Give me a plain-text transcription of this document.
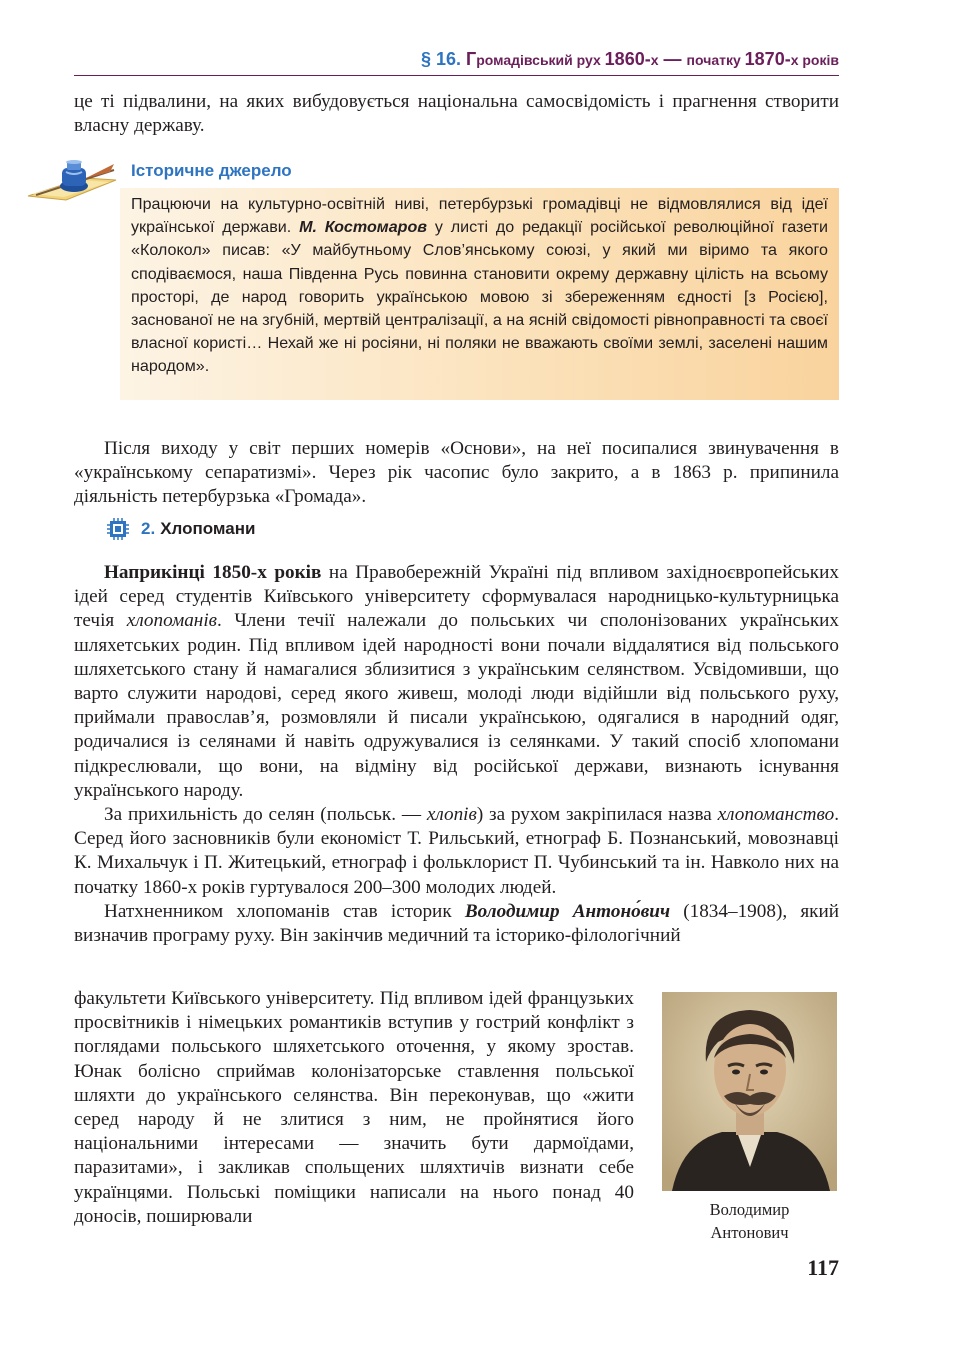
§ 16. Громадівський рух 1860-х — початку 1870-х років

це ті підвалини, на яких вибудовується національна самосвідомість і прагнення створити власну державу.

Історичне джерело

Працюючи на культурно-освітній ниві, петербурзькі громадівці не відмовлялися від ідеї української держави. М. Костомаров у листі до редакції російської революційної газети «Колокол» писав: «У майбутньому Слов’янському союзі, у який ми віримо та якого сподіваємося, наша Південна Русь повинна становити окрему державну цілість на всьому просторі, де народ говорить українською мовою зі збереженням єдності [з Росією], заснованої не на згубній, мертвій централізації, а на ясній свідомості рівноправності та своєї власної користі… Нехай же ні росіяни, ні поляки не вважають своїми землі, заселені нашим народом».

Після виходу у світ перших номерів «Основи», на неї посипалися звинувачення в «українському сепаратизмі». Через рік часопис було закрито, а в 1863 р. припинила діяльність петербурзька «Громада».

2. Хлопомани

Наприкінці 1850-х років на Правобережній Україні під впливом західноєвропейських ідей серед студентів Київського університету сформувалася народницько-культурницька течія хлопоманів. Члени течії належали до польських чи сполонізованих українських шляхетських родин. Під впливом ідей народності вони почали віддалятися від польського шляхетського стану й намагалися зблизитися з українським селянством. Усвідомивши, що варто служити народові, серед якого живеш, молоді люди відійшли від польського руху, приймали православ’я, розмовляли й писали українською, одягалися в народний одяг, родичалися із селянами й навіть одружувалися із селянками. У такий спосіб хлопомани підкреслювали, що вони, на відміну від російської держави, визнають існування українського народу.

За прихильність до селян (польськ. — хлопів) за рухом закріпилася назва хлопоманство. Серед його засновників були економіст Т. Рильський, етнограф Б. Познанський, мовознавці К. Михальчук і П. Житецький, етнограф і фольклорист П. Чубинський та ін. Навколо них на початку 1860-х років гуртувалося 200–300 молодих людей.

Натхненником хлопоманів став історик Володимир Антоно́вич (1834–1908), який визначив програму руху. Він закінчив медичний та історико-філологічний

факультети Київського університету. Під впливом ідей французьких просвітників і німецьких романтиків вступив у гострий конфлікт з поглядами польського шляхетського оточення, у якому зростав. Юнак болісно сприймав колонізаторське ставлення польської шляхти до українського селянства. Він переконував, що «жити серед народу й не злитися з ним, не пройнятися його національними інтересами — значить бути дармоїдами, паразитами», і закликав спольщених шляхтичів визнати себе українцями. Польські поміщики написали на нього понад 40 доносів, поширювали	Володимир
Антонович
117
